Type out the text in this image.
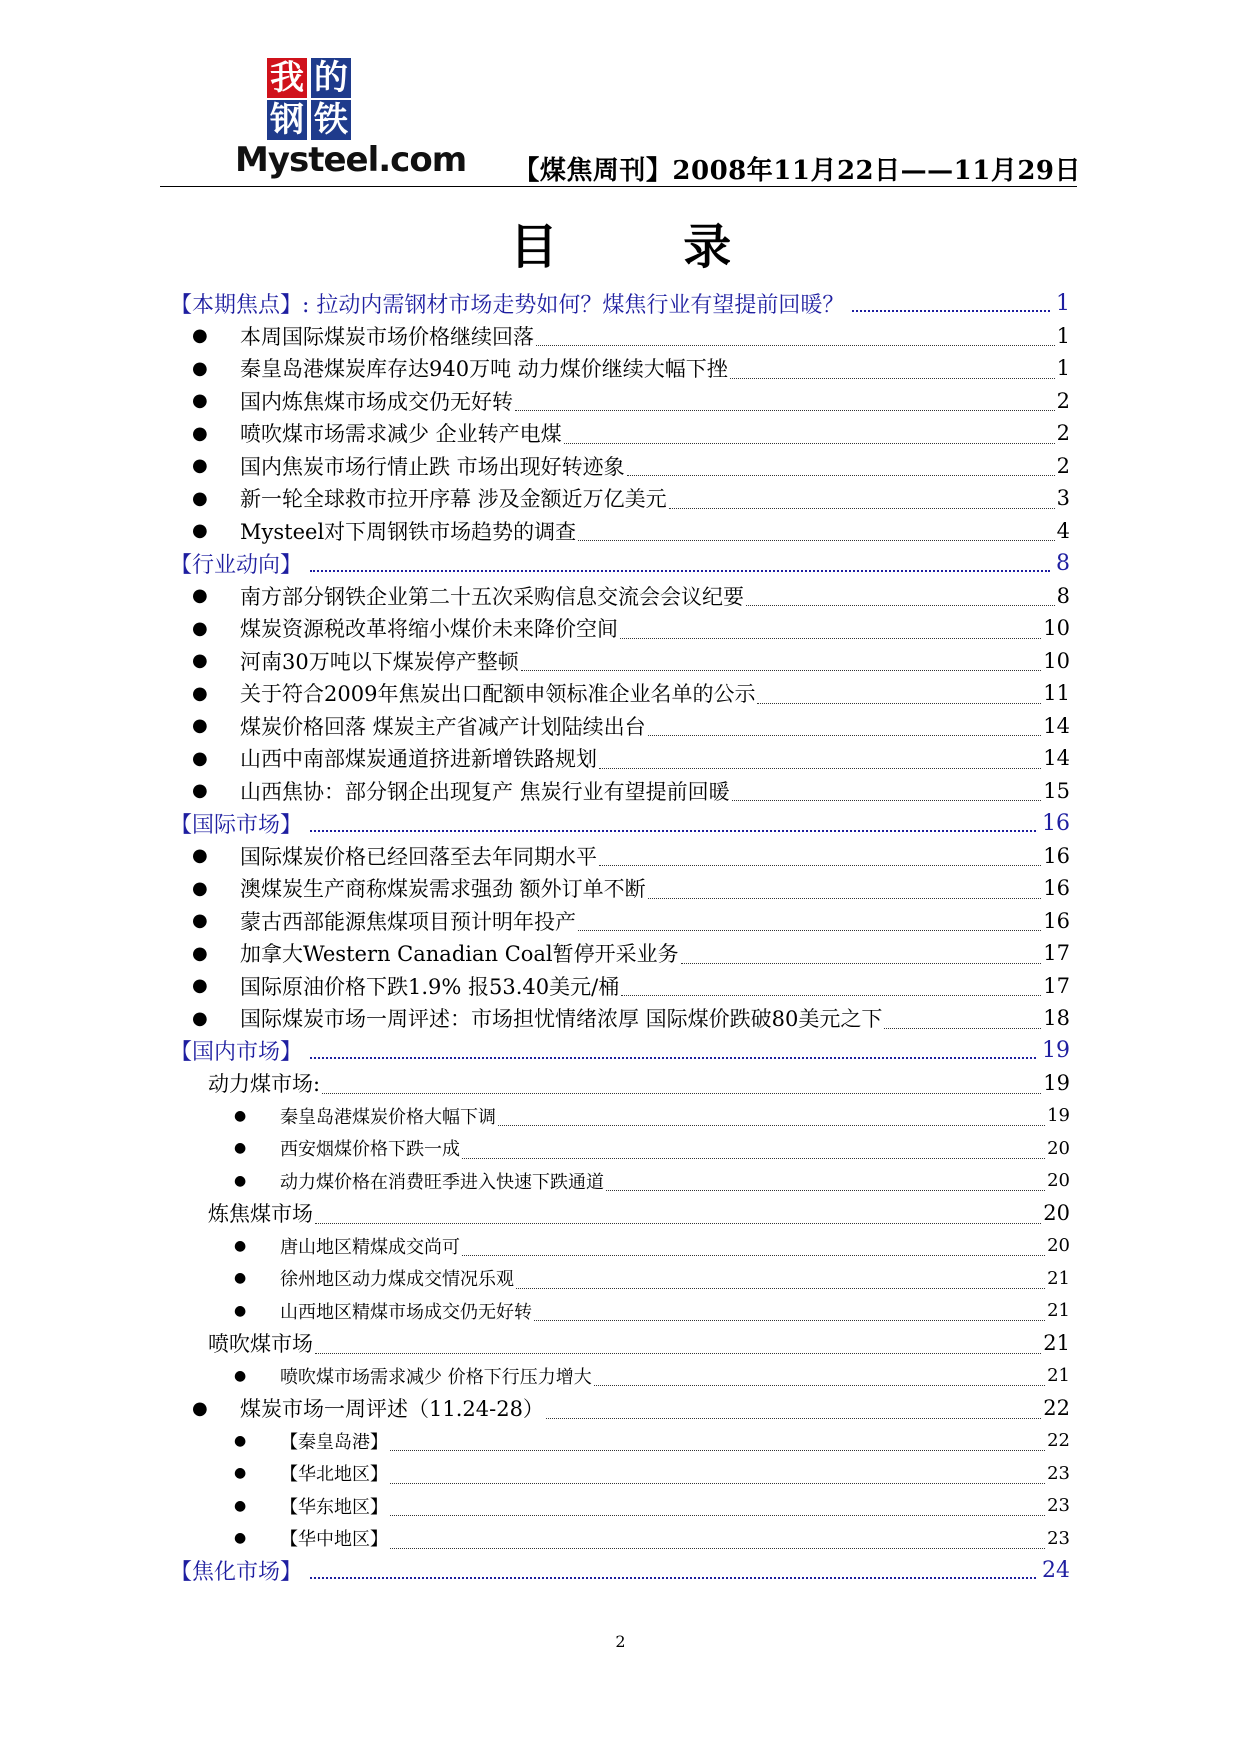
我 的
钢 铁
Mysteel.com 【煤焦周刊】2008年11月22日——11月29日
目	录
【本期焦点】: 拉动内需钢材市场走势如何？煤焦行业有望提前回暖？	1
●	本周国际煤炭市场价格继续回落	1
●	秦皇岛港煤炭库存达940万吨 动力煤价继续大幅下挫	1
●	国内炼焦煤市场成交仍无好转	2
●	喷吹煤市场需求减少 企业转产电煤	2
●	国内焦炭市场行情止跌 市场出现好转迹象	2
●	新一轮全球救市拉开序幕 涉及金额近万亿美元	3
●	Mysteel对下周钢铁市场趋势的调查	4
【行业动向】	8
●	南方部分钢铁企业第二十五次采购信息交流会会议纪要	8
●	煤炭资源税改革将缩小煤价未来降价空间	10
●	河南30万吨以下煤炭停产整顿	10
●	关于符合2009年焦炭出口配额申领标准企业名单的公示	11
●	煤炭价格回落 煤炭主产省减产计划陆续出台	14
●	山西中南部煤炭通道挤进新增铁路规划	14
●	山西焦协：部分钢企出现复产 焦炭行业有望提前回暖	15
【国际市场】	16
●	国际煤炭价格已经回落至去年同期水平	16
●	澳煤炭生产商称煤炭需求强劲 额外订单不断	16
●	蒙古西部能源焦煤项目预计明年投产	16
●	加拿大Western Canadian Coal暂停开采业务	17
●	国际原油价格下跌1.9% 报53.40美元/桶	17
●	国际煤炭市场一周评述：市场担忧情绪浓厚 国际煤价跌破80美元之下	18
【国内市场】	19
动力煤市场:	19
●	秦皇岛港煤炭价格大幅下调	19
●	西安烟煤价格下跌一成	20
●	动力煤价格在消费旺季进入快速下跌通道	20
炼焦煤市场	20
●	唐山地区精煤成交尚可	20
●	徐州地区动力煤成交情况乐观	21
●	山西地区精煤市场成交仍无好转	21
喷吹煤市场	21
●	喷吹煤市场需求减少 价格下行压力增大	21
●	煤炭市场一周评述（11.24-28）	22
●	【秦皇岛港】	22
●	【华北地区】	23
●	【华东地区】	23
●	【华中地区】	23
【焦化市场】	24
2
